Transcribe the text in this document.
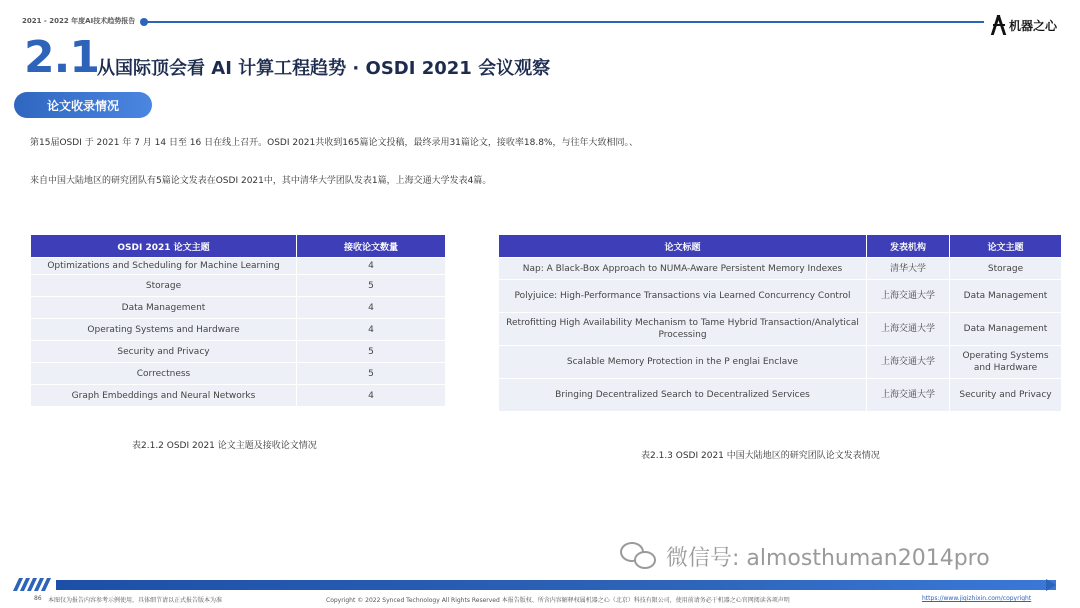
2021 - 2022 年度AI技术趋势报告	机器之心
2.1
从国际顶会看 AI 计算工程趋势 · OSDI 2021 会议观察
论文收录情况
第15届OSDI 于 2021 年 7 月 14 日至 16 日在线上召开。OSDI 2021共收到165篇论文投稿，最终录用31篇论文，接收率18.8%，与往年大致相同。、
来自中国大陆地区的研究团队有5篇论文发表在OSDI 2021中，其中清华大学团队发表1篇，上海交通大学发表4篇。
OSDI 2021 论文主题	接收论文数量
Optimizations and Scheduling for Machine Learning	4
Storage	5
Data Management	4
Operating Systems and Hardware	4
Security and Privacy	5
Correctness	5
Graph Embeddings and Neural Networks	4
表2.1.2 OSDI 2021 论文主题及接收论文情况
论文标题	发表机构	论文主题
Nap: A Black-Box Approach to NUMA-Aware Persistent Memory Indexes	清华大学	Storage
Polyjuice: High-Performance Transactions via Learned Concurrency Control	上海交通大学	Data Management
Retrofitting High Availability Mechanism to Tame Hybrid Transaction/Analytical Processing	上海交通大学	Data Management
Scalable Memory Protection in the P englai Enclave	上海交通大学	Operating Systems and Hardware
Bringing Decentralized Search to Decentralized Services	上海交通大学	Security and Privacy
表2.1.3 OSDI 2021 中国大陆地区的研究团队论文发表情况
微信号: almosthuman2014pro
86 本图仅为报告内容参考示例使用，具体细节请以正式报告版本为准	Copyright © 2022 Synced Technology All Rights Reserved 本报告版权、所含内容解释权属机器之心（北京）科技有限公司，使用前请务必于机器之心官网阅读各项声明	https://www.jiqizhixin.com/copyright
